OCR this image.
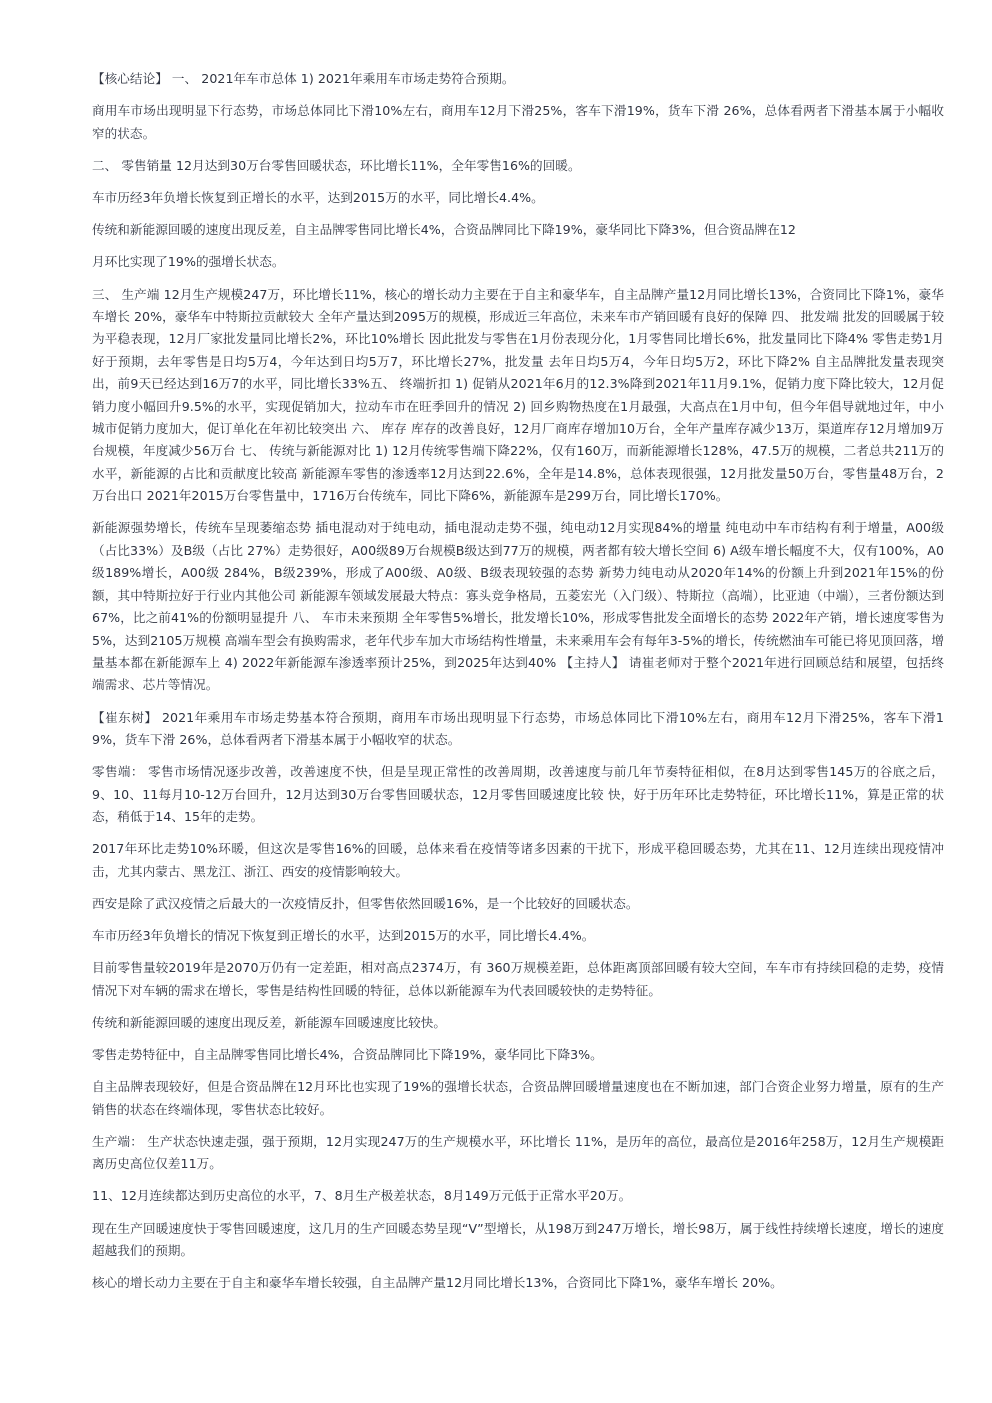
【核心结论】 一、 2021年车市总体 1) 2021年乘用车市场走势符合预期。

商用车市场出现明显下行态势，市场总体同比下滑10%左右，商用车12月下滑25%，客车下滑19%，货车下滑 26%，总体看两者下滑基本属于小幅收窄的状态。

二、 零售销量 12月达到30万台零售回暖状态，环比增长11%，全年零售16%的回暖。

车市历经3年负增长恢复到正增长的水平，达到2015万的水平，同比增长4.4%。

传统和新能源回暖的速度出现反差，自主品牌零售同比增长4%，合资品牌同比下降19%，豪华同比下降3%，但合资品牌在12

月环比实现了19%的强增长状态。

三、 生产端 12月生产规模247万，环比增长11%，核心的增长动力主要在于自主和豪华车，自主品牌产量12月同比增长13%，合资同比下降1%，豪华车增长 20%，豪华车中特斯拉贡献较大 全年产量达到2095万的规模，形成近三年高位，未来车市产销回暖有良好的保障 四、 批发端 批发的回暖属于较为平稳表现，12月厂家批发量同比增长2%，环比10%增长 因此批发与零售在1月份表现分化，1月零售同比增长6%，批发量同比下降4% 零售走势1月好于预期，去年零售是日均5万4，今年达到日均5万7，环比增长27%，批发量 去年日均5万4，今年日均5万2，环比下降2% 自主品牌批发量表现突出，前9天已经达到16万7的水平，同比增长33%五、 终端折扣 1) 促销从2021年6月的12.3%降到2021年11月9.1%，促销力度下降比较大，12月促销力度小幅回升9.5%的水平，实现促销加大，拉动车市在旺季回升的情况 2) 回乡购物热度在1月最强，大高点在1月中旬，但今年倡导就地过年，中小城市促销力度加大，促订单化在年初比较突出 六、 库存 库存的改善良好，12月厂商库存增加10万台，全年产量库存减少13万，渠道库存12月增加9万台规模，年度减少56万台 七、 传统与新能源对比 1) 12月传统零售端下降22%，仅有160万，而新能源增长128%，47.5万的规模，二者总共211万的水平，新能源的占比和贡献度比较高 新能源车零售的渗透率12月达到22.6%，全年是14.8%，总体表现很强，12月批发量50万台，零售量48万台，2万台出口 2021年2015万台零售量中，1716万台传统车，同比下降6%，新能源车是299万台，同比增长170%。

新能源强势增长，传统车呈现萎缩态势 插电混动对于纯电动，插电混动走势不强，纯电动12月实现84%的增量 纯电动中车市结构有利于增量，A00级（占比33%）及B级（占比 27%）走势很好，A00级89万台规模B级达到77万的规模，两者都有较大增长空间 6) A级车增长幅度不大，仅有100%，A0级189%增长，A00级 284%，B级239%，形成了A00级、A0级、B级表现较强的态势 新势力纯电动从2020年14%的份额上升到2021年15%的份额，其中特斯拉好于行业内其他公司 新能源车领域发展最大特点：寡头竞争格局，五菱宏光（入门级）、特斯拉（高端），比亚迪（中端），三者份额达到67%，比之前41%的份额明显提升 八、 车市未来预期 全年零售5%增长，批发增长10%，形成零售批发全面增长的态势 2022年产销，增长速度零售为5%，达到2105万规模 高端车型会有换购需求，老年代步车加大市场结构性增量，未来乘用车会有每年3-5%的增长，传统燃油车可能已将见顶回落，增量基本都在新能源车上 4) 2022年新能源车渗透率预计25%，到2025年达到40% 【主持人】 请崔老师对于整个2021年进行回顾总结和展望，包括终端需求、芯片等情况。

【崔东树】 2021年乘用车市场走势基本符合预期，商用车市场出现明显下行态势，市场总体同比下滑10%左右，商用车12月下滑25%，客车下滑19%，货车下滑 26%，总体看两者下滑基本属于小幅收窄的状态。

零售端： 零售市场情况逐步改善，改善速度不快，但是呈现正常性的改善周期，改善速度与前几年节奏特征相似，在8月达到零售145万的谷底之后，9、10、11每月10-12万台回升，12月达到30万台零售回暖状态，12月零售回暖速度比较 快，好于历年环比走势特征，环比增长11%，算是正常的状态，稍低于14、15年的走势。

2017年环比走势10%环暖，但这次是零售16%的回暖，总体来看在疫情等诸多因素的干扰下，形成平稳回暖态势，尤其在11、12月连续出现疫情冲击，尤其内蒙古、黑龙江、浙江、西安的疫情影响较大。

西安是除了武汉疫情之后最大的一次疫情反扑，但零售依然回暖16%，是一个比较好的回暖状态。

车市历经3年负增长的情况下恢复到正增长的水平，达到2015万的水平，同比增长4.4%。

目前零售量较2019年是2070万仍有一定差距，相对高点2374万，有 360万规模差距，总体距离顶部回暖有较大空间，车车市有持续回稳的走势，疫情情况下对车辆的需求在增长，零售是结构性回暖的特征，总体以新能源车为代表回暖较快的走势特征。

传统和新能源回暖的速度出现反差，新能源车回暖速度比较快。

零售走势特征中，自主品牌零售同比增长4%，合资品牌同比下降19%，豪华同比下降3%。

自主品牌表现较好，但是合资品牌在12月环比也实现了19%的强增长状态，合资品牌回暖增量速度也在不断加速，部门合资企业努力增量，原有的生产销售的状态在终端体现，零售状态比较好。

生产端： 生产状态快速走强，强于预期，12月实现247万的生产规模水平，环比增长 11%，是历年的高位，最高位是2016年258万，12月生产规模距离历史高位仅差11万。

11、12月连续都达到历史高位的水平，7、8月生产极差状态，8月149万元低于正常水平20万。

现在生产回暖速度快于零售回暖速度，这几月的生产回暖态势呈现“V”型增长，从198万到247万增长，增长98万，属于线性持续增长速度，增长的速度超越我们的预期。

核心的增长动力主要在于自主和豪华车增长较强，自主品牌产量12月同比增长13%，合资同比下降1%，豪华车增长 20%。
